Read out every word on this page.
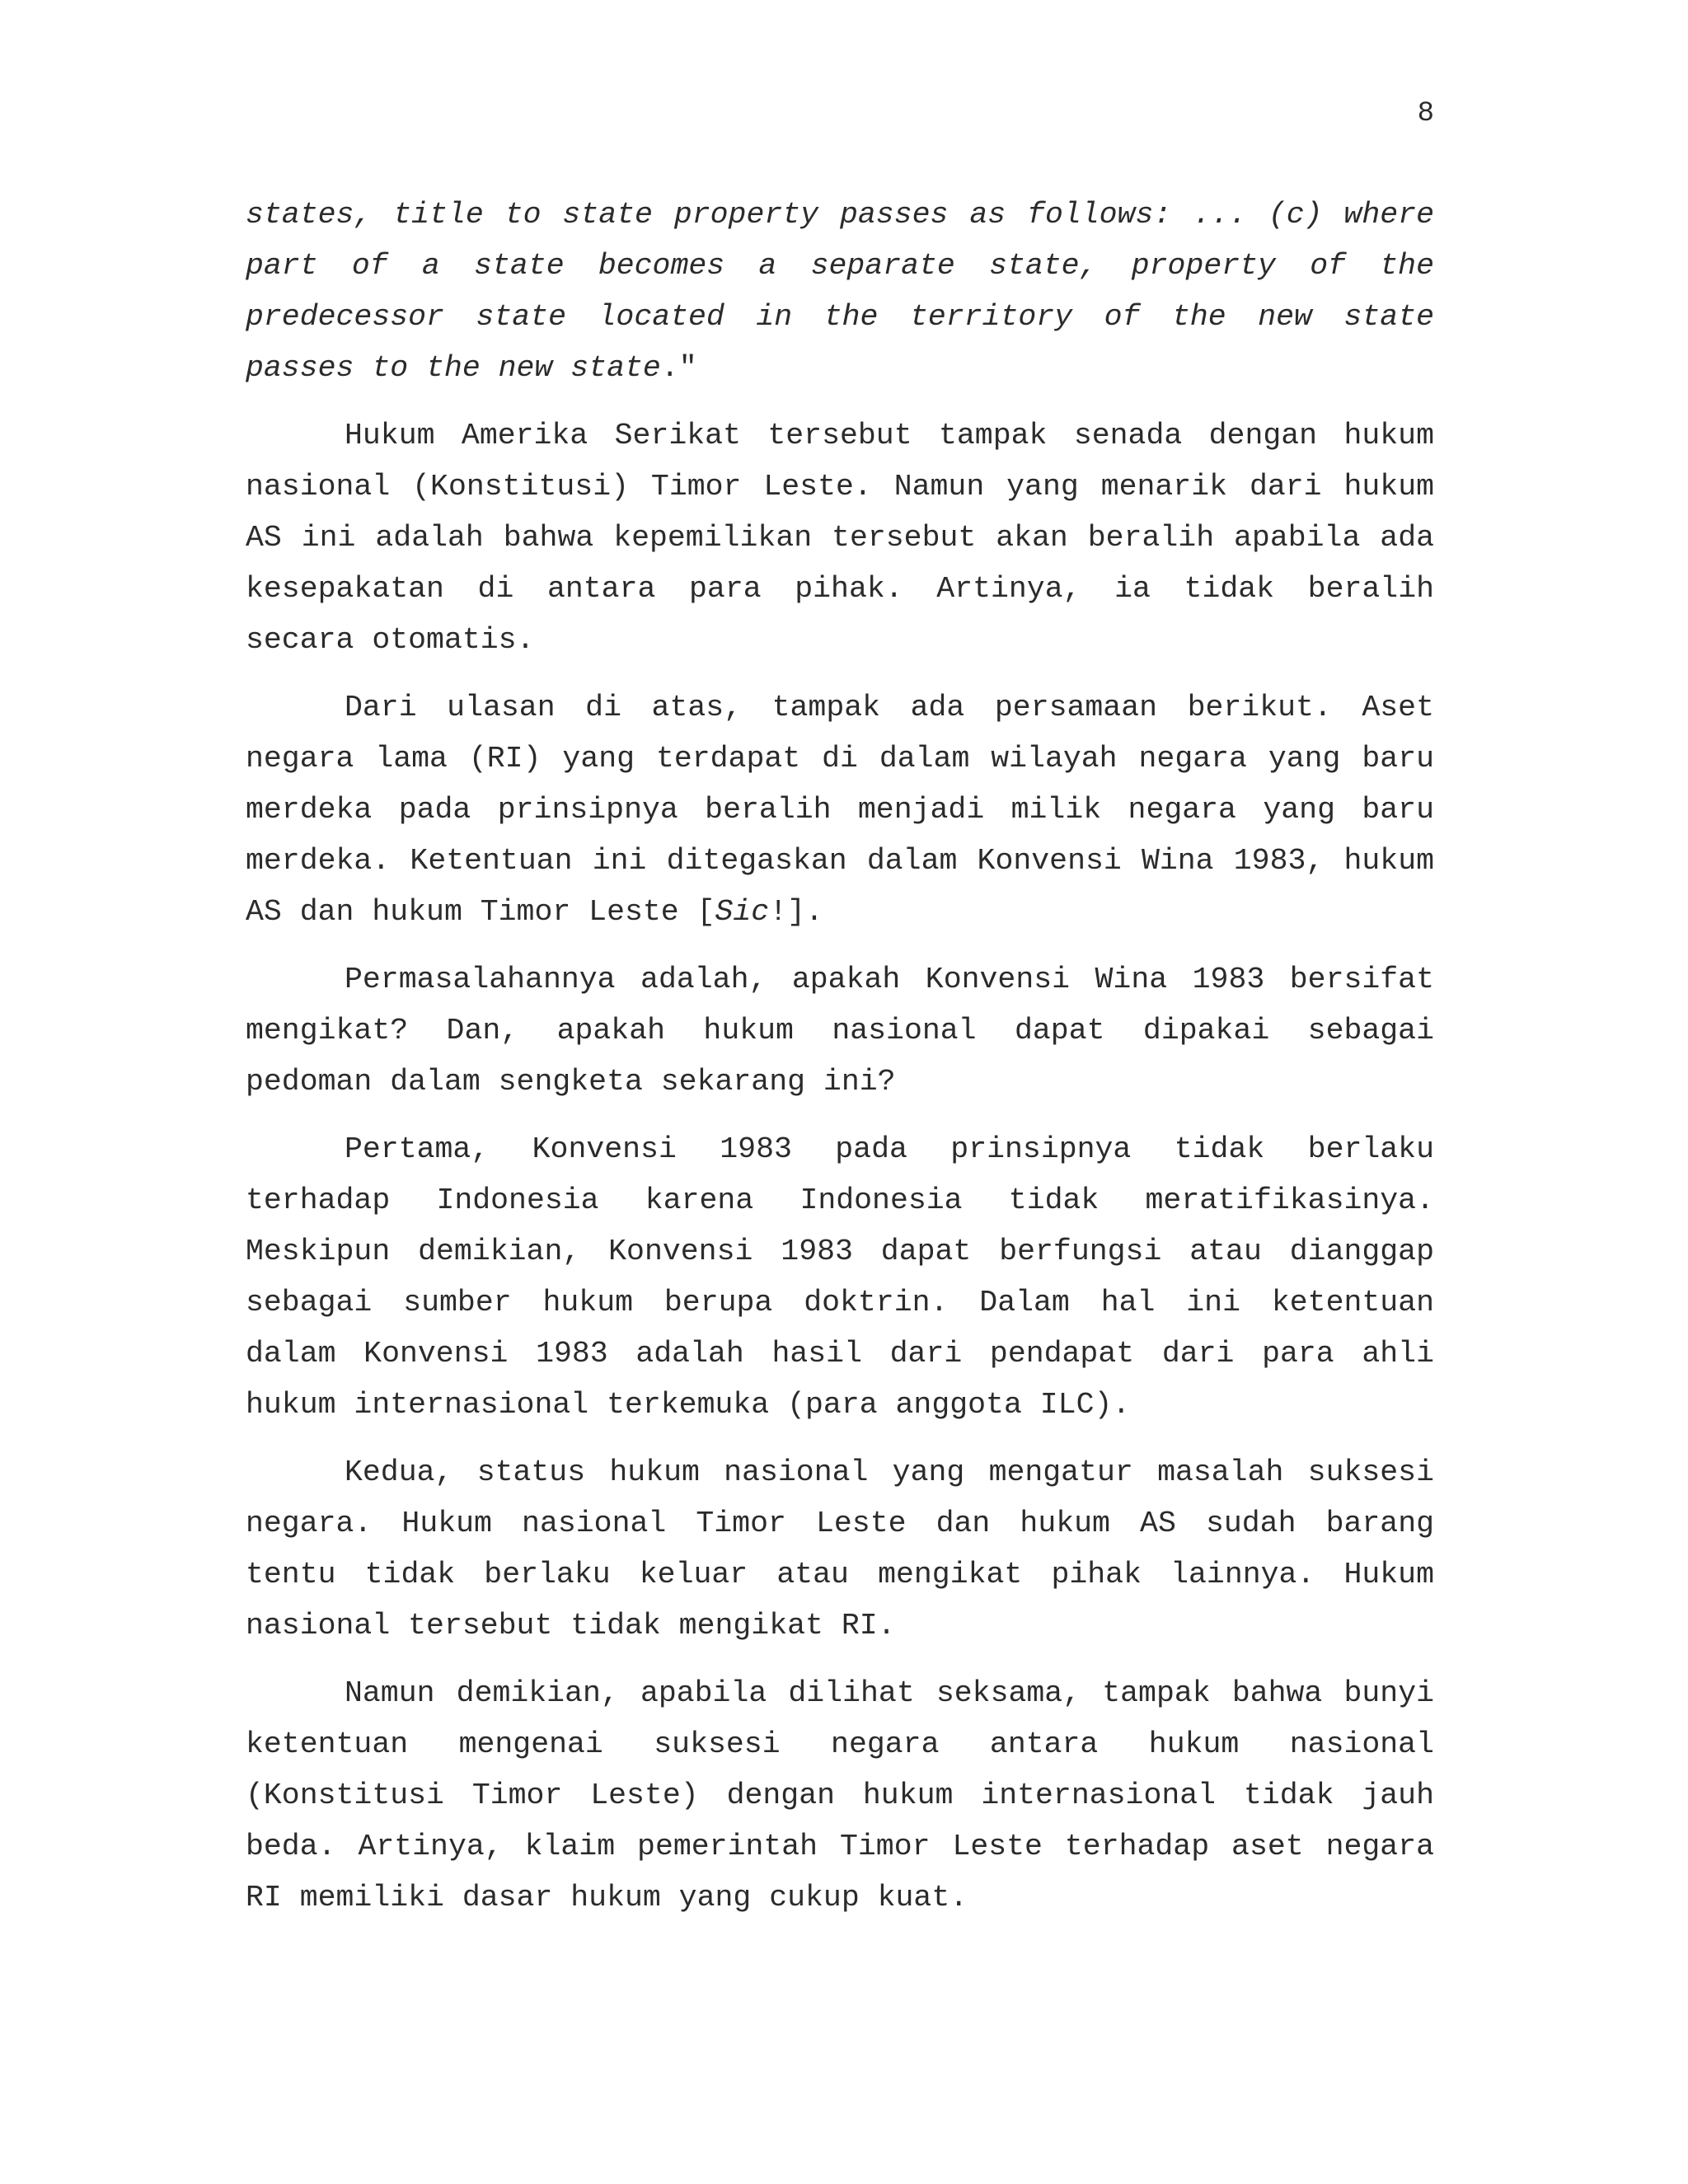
8

states, title to state property passes as follows: ... (c) where part of a state becomes a separate state, property of the predecessor state located in the territory of the new state passes to the new state."

Hukum Amerika Serikat tersebut tampak senada dengan hukum nasional (Konstitusi) Timor Leste. Namun yang menarik dari hukum AS ini adalah bahwa kepemilikan tersebut akan beralih apabila ada kesepakatan di antara para pihak. Artinya, ia tidak beralih secara otomatis.

Dari ulasan di atas, tampak ada persamaan berikut. Aset negara lama (RI) yang terdapat di dalam wilayah negara yang baru merdeka pada prinsipnya beralih menjadi milik negara yang baru merdeka. Ketentuan ini ditegaskan dalam Konvensi Wina 1983, hukum AS dan hukum Timor Leste [Sic!].

Permasalahannya adalah, apakah Konvensi Wina 1983 bersifat mengikat? Dan, apakah hukum nasional dapat dipakai sebagai pedoman dalam sengketa sekarang ini?

Pertama, Konvensi 1983 pada prinsipnya tidak berlaku terhadap Indonesia karena Indonesia tidak meratifikasinya. Meskipun demikian, Konvensi 1983 dapat berfungsi atau dianggap sebagai sumber hukum berupa doktrin. Dalam hal ini ketentuan dalam Konvensi 1983 adalah hasil dari pendapat dari para ahli hukum internasional terkemuka (para anggota ILC).

Kedua, status hukum nasional yang mengatur masalah suksesi negara. Hukum nasional Timor Leste dan hukum AS sudah barang tentu tidak berlaku keluar atau mengikat pihak lainnya. Hukum nasional tersebut tidak mengikat RI.

Namun demikian, apabila dilihat seksama, tampak bahwa bunyi ketentuan mengenai suksesi negara antara hukum nasional (Konstitusi Timor Leste) dengan hukum internasional tidak jauh beda. Artinya, klaim pemerintah Timor Leste terhadap aset negara RI memiliki dasar hukum yang cukup kuat.
